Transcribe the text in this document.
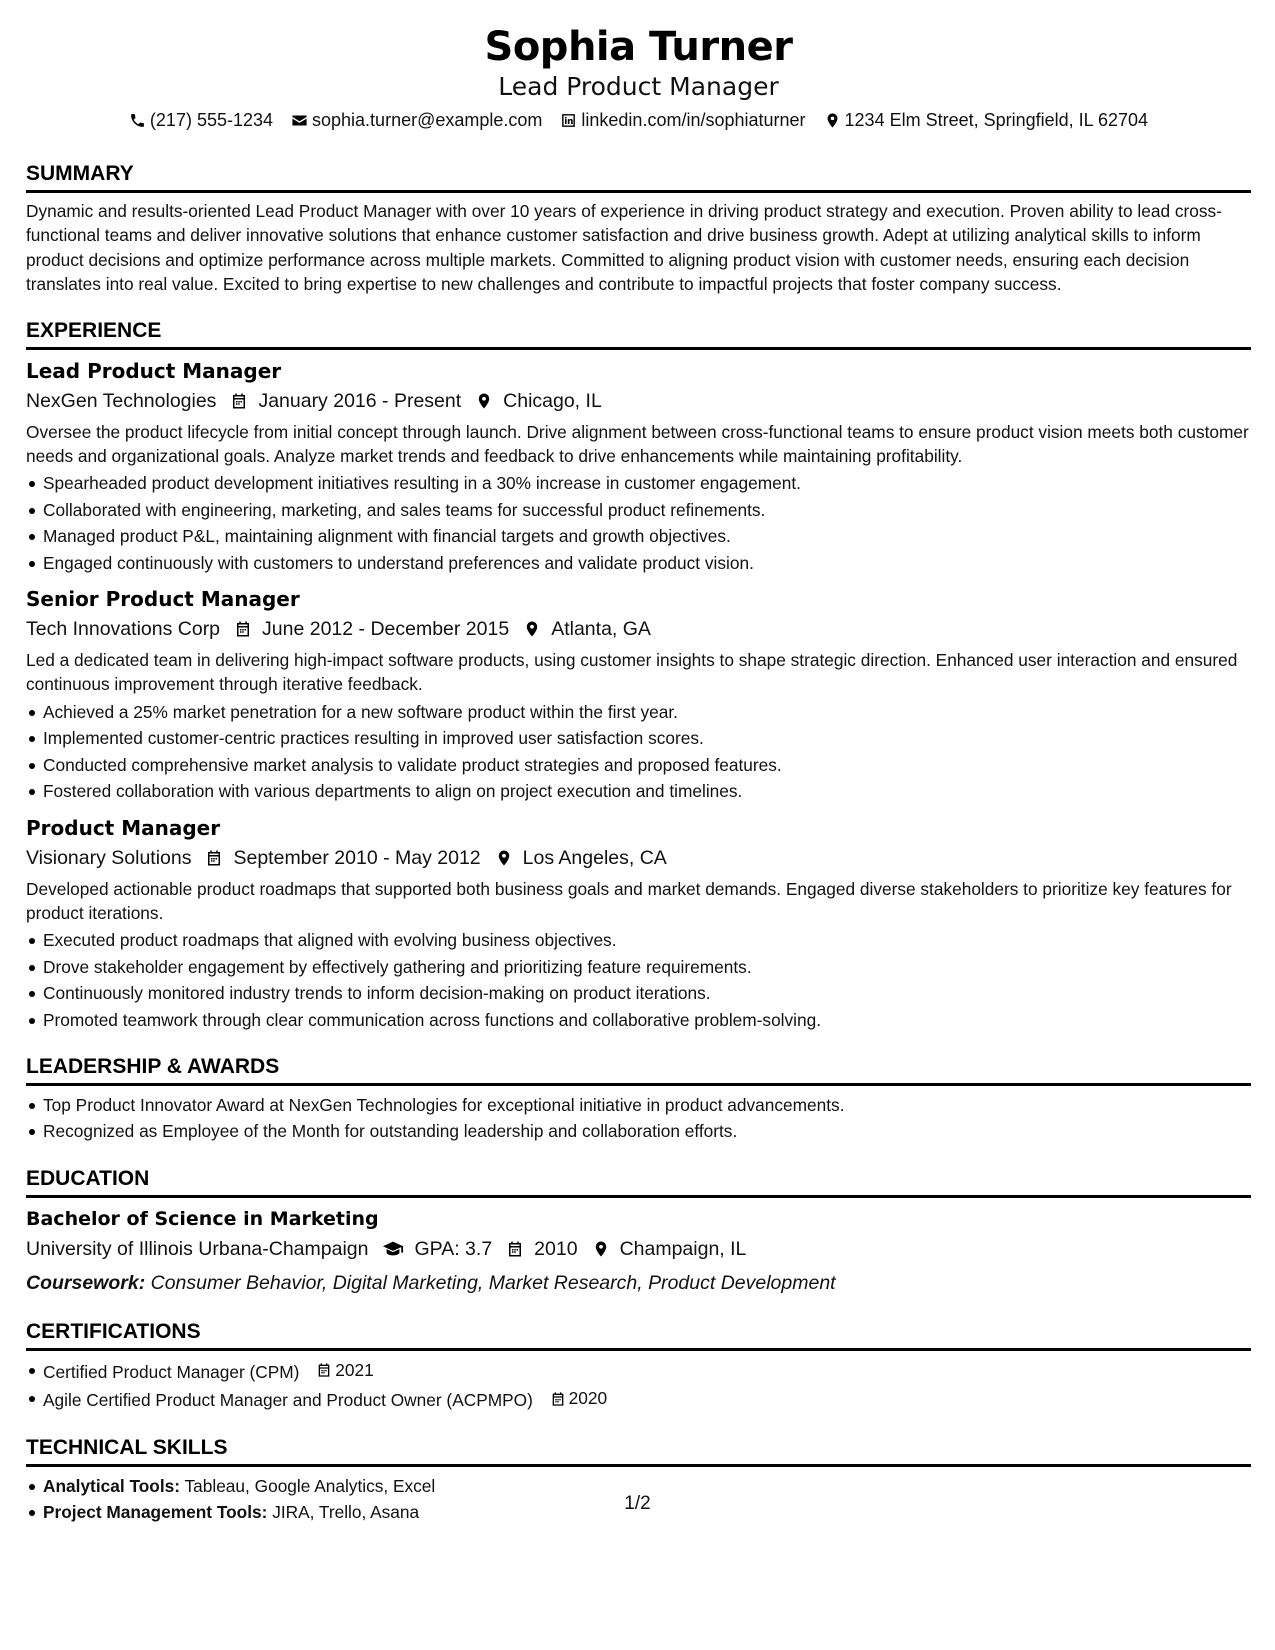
Sophia Turner
Lead Product Manager
(217) 555-1234 sophia.turner@example.com linkedin.com/in/sophiaturner 1234 Elm Street, Springfield, IL 62704
SUMMARY
Dynamic and results-oriented Lead Product Manager with over 10 years of experience in driving product strategy and execution. Proven ability to lead cross-functional teams and deliver innovative solutions that enhance customer satisfaction and drive business growth. Adept at utilizing analytical skills to inform product decisions and optimize performance across multiple markets. Committed to aligning product vision with customer needs, ensuring each decision translates into real value. Excited to bring expertise to new challenges and contribute to impactful projects that foster company success.
EXPERIENCE
Lead Product Manager
NexGen Technologies January 2016 - Present Chicago, IL
Oversee the product lifecycle from initial concept through launch. Drive alignment between cross-functional teams to ensure product vision meets both customer needs and organizational goals. Analyze market trends and feedback to drive enhancements while maintaining profitability.
Spearheaded product development initiatives resulting in a 30% increase in customer engagement.
Collaborated with engineering, marketing, and sales teams for successful product refinements.
Managed product P&L, maintaining alignment with financial targets and growth objectives.
Engaged continuously with customers to understand preferences and validate product vision.
Senior Product Manager
Tech Innovations Corp June 2012 - December 2015 Atlanta, GA
Led a dedicated team in delivering high-impact software products, using customer insights to shape strategic direction. Enhanced user interaction and ensured continuous improvement through iterative feedback.
Achieved a 25% market penetration for a new software product within the first year.
Implemented customer-centric practices resulting in improved user satisfaction scores.
Conducted comprehensive market analysis to validate product strategies and proposed features.
Fostered collaboration with various departments to align on project execution and timelines.
Product Manager
Visionary Solutions September 2010 - May 2012 Los Angeles, CA
Developed actionable product roadmaps that supported both business goals and market demands. Engaged diverse stakeholders to prioritize key features for product iterations.
Executed product roadmaps that aligned with evolving business objectives.
Drove stakeholder engagement by effectively gathering and prioritizing feature requirements.
Continuously monitored industry trends to inform decision-making on product iterations.
Promoted teamwork through clear communication across functions and collaborative problem-solving.
LEADERSHIP & AWARDS
Top Product Innovator Award at NexGen Technologies for exceptional initiative in product advancements.
Recognized as Employee of the Month for outstanding leadership and collaboration efforts.
EDUCATION
Bachelor of Science in Marketing
University of Illinois Urbana-Champaign GPA: 3.7 2010 Champaign, IL
Coursework: Consumer Behavior, Digital Marketing, Market Research, Product Development
CERTIFICATIONS
Certified Product Manager (CPM) 2021
Agile Certified Product Manager and Product Owner (ACPMPO) 2020
TECHNICAL SKILLS
Analytical Tools: Tableau, Google Analytics, Excel
Project Management Tools: JIRA, Trello, Asana	1/2
